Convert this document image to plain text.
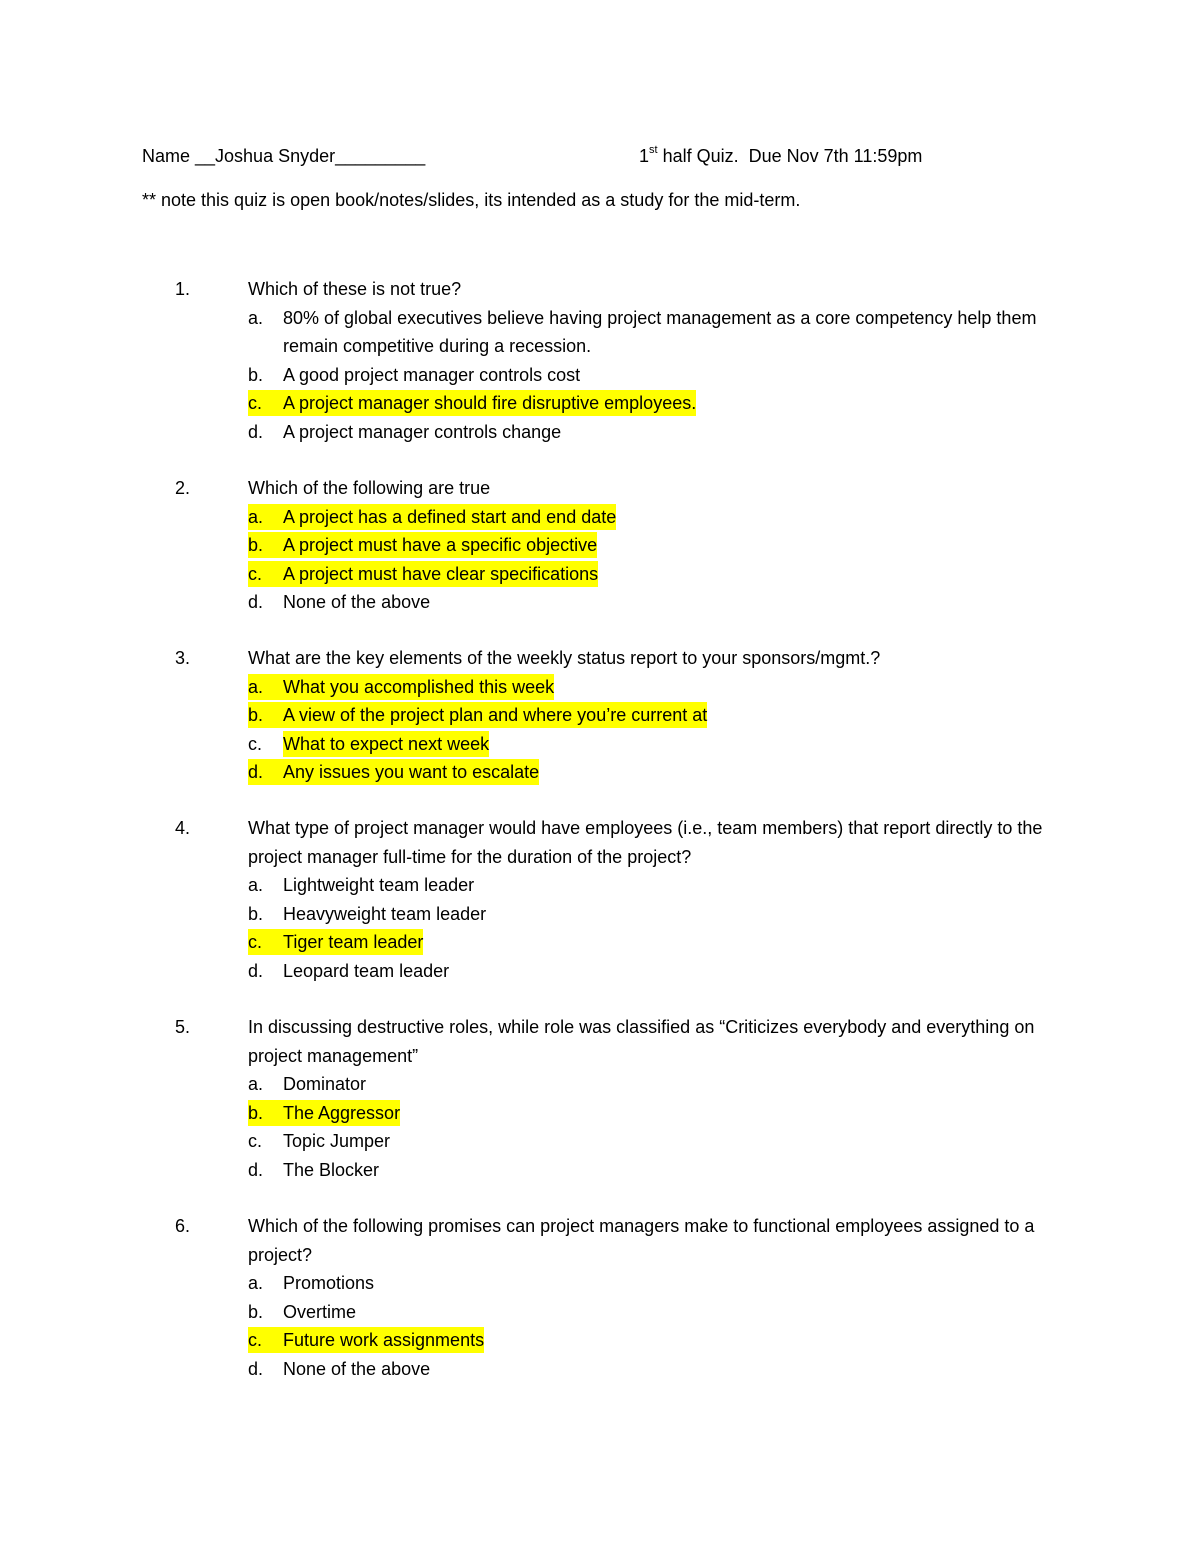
Name __Joshua Snyder_________	1st half Quiz.  Due Nov 7th 11:59pm
** note this quiz is open book/notes/slides, its intended as a study for the mid-term.
1.	Which of these is not true?
a. 80% of global executives believe having project management as a core competency help them remain competitive during a recession.
b. A good project manager controls cost
c. A project manager should fire disruptive employees.
d. A project manager controls change
2.	Which of the following are true
a. A project has a defined start and end date
b. A project must have a specific objective
c. A project must have clear specifications
d. None of the above
3.	What are the key elements of the weekly status report to your sponsors/mgmt.?
a. What you accomplished this week
b. A view of the project plan and where you’re current at
c. What to expect next week
d. Any issues you want to escalate
4.	What type of project manager would have employees (i.e., team members) that report directly to the project manager full-time for the duration of the project?
a. Lightweight team leader
b. Heavyweight team leader
c. Tiger team leader
d. Leopard team leader
5.	In discussing destructive roles, while role was classified as “Criticizes everybody and everything on project management”
a. Dominator
b. The Aggressor
c. Topic Jumper
d. The Blocker
6.	Which of the following promises can project managers make to functional employees assigned to a project?
a. Promotions
b. Overtime
c. Future work assignments
d. None of the above
